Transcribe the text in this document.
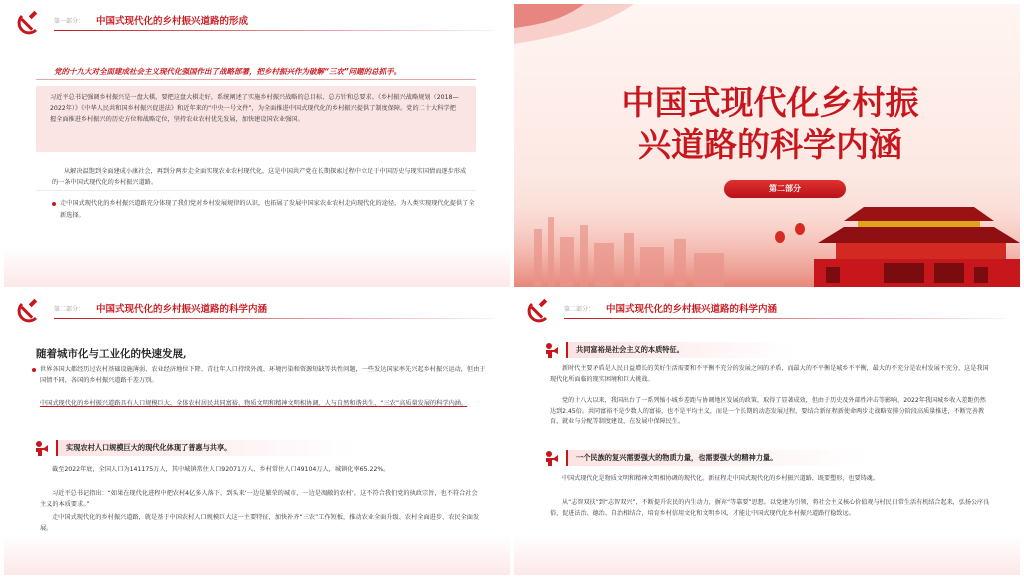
第一部分： 中国式现代化的乡村振兴道路的形成
党的十九大对全面建成社会主义现代化强国作出了战略部署，把乡村振兴作为破解“三农”问题的总抓手。

习近平总书记强调乡村振兴是一盘大棋，要把这盘大棋走好，系统阐述了实施乡村振兴战略的总目标、总方针和总要求。《乡村振兴战略规划（2018—2022年）》《中华人民共和国乡村振兴促进法》和近年来的“中央一号文件”，为全面推进中国式现代化的乡村振兴提供了制度保障。党的二十大科学把握全面推进乡村振兴的历史方位和战略定位，坚持农业农村优先发展，加快建设国农业强国。

从解决温饱到全面建成小康社会，再到分两步走全面实现农业农村现代化，这是中国共产党在长期探索过程中立足于中国历史与现实国情而逐步形成的一条中国式现代化的乡村振兴道路。
走中国式现代化的乡村振兴道路充分体现了我们党对乡村发展规律的认识，也拓展了发展中国家农业农村走向现代化的途径，为人类实现现代化提供了全新选择。
中国式现代化乡村振
兴道路的科学内涵
第二部分
第二部分： 中国式现代化的乡村振兴道路的科学内涵
随着城市化与工业化的快速发展,
世界各国大都经历过农村基础设施薄弱、农业经济地位下降、青壮年人口持续外流、环境污染和资源短缺等共性问题，一些发达国家率先兴起乡村振兴运动，但由于国情不同，各国的乡村振兴道路千差万别。
中国式现代化的乡村振兴道路具有人口规模巨大、全体农村居民共同富裕、物质文明和精神文明相协调、人与自然和谐共生、“三农”高质量发展的科学内涵。
实现农村人口规模巨大的现代化体现了普惠与共享。
截至2022年底，全国人口为141175万人，其中城镇常住人口92071万人、乡村常住人口49104万人，城镇化率65.22%。
习近平总书记指出：“如果在现代化进程中把农村4亿多人落下，到头来‘一边是繁荣的城市、一边是凋敝的农村’，这不符合我们党的执政宗旨，也不符合社会主义的本质要求。”
走中国式现代化的乡村振兴道路，就是基于中国农村人口规模巨大这一主要特征，加快补齐“三农”工作短板，推动农业全面升级、农村全面进步、农民全面发展。
第二部分： 中国式现代化的乡村振兴道路的科学内涵
共同富裕是社会主义的本质特征。
新时代主要矛盾是人民日益增长的美好生活需要和不平衡不充分的发展之间的矛盾，而最大的不平衡是城乡不平衡，最大的不充分是农村发展不充分，这是我国现代化所面临的现实困境和巨大挑战。
党的十八大以来，我国出台了一系列缩小城乡差距与协调地区发展的政策，取得了显著成效，但由于历史及外部性冲击等影响，2022年我国城乡收入差距仍然达到2.45倍。共同富裕不是少数人的富裕，也不是平均主义，而是一个长期的动态发展过程，要结合新征程新使命两步走战略安排分阶段高质量推进，不断完善教育、就业与分配等制度建设，在发展中保障民生。
一个民族的复兴需要强大的物质力量，也需要强大的精神力量。
中国式现代化是物质文明和精神文明相协调的现代化。新征程走中国式现代化的乡村振兴道路，既要塑形，也要铸魂。
从“志智双扶”到“志智双兴”，不断提升农民的内生动力，摒弃“等靠要”思想。以党建为引领，将社会主义核心价值观与村民日常生活有机结合起来，弘扬公序良俗，促进法治、德治、自治相结合，培育乡村信用文化和文明乡风，才能让中国式现代化乡村振兴道路行稳致远。
